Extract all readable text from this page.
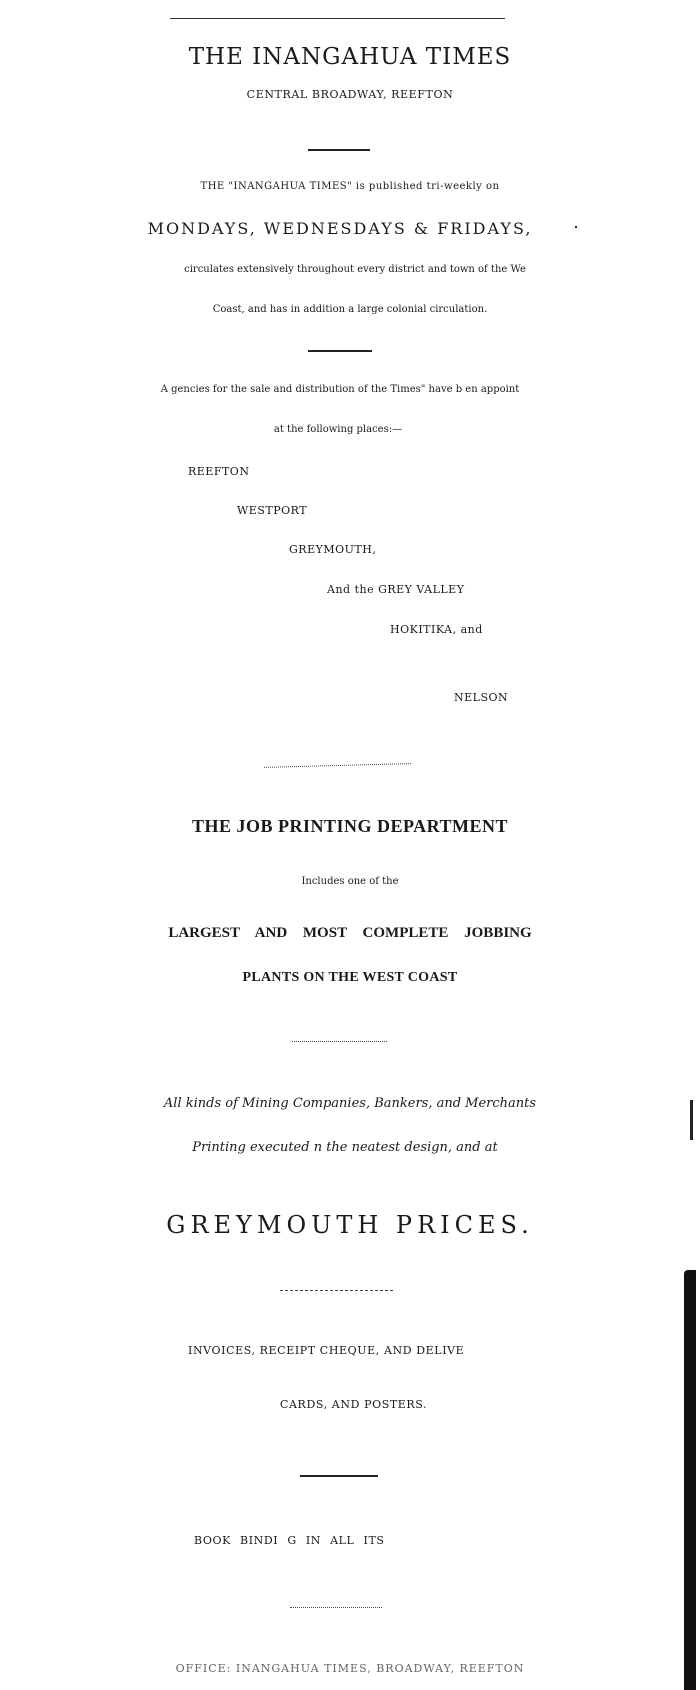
THE INANGAHUA TIMES
CENTRAL BROADWAY, REEFTON
THE "INANGAHUA TIMES" is published tri-weekly on
MONDAYS, WEDNESDAYS & FRIDAYS,
circulates extensively throughout every district and town of the We
Coast, and has in addition a large colonial circulation.
A gencies for the sale and distribution of the Times" have b en appoint
at the following places:—
REEFTON
WESTPORT
GREYMOUTH,
And the GREY VALLEY
HOKITIKA, and
NELSON
THE JOB PRINTING DEPARTMENT
Includes one of the
LARGEST AND MOST COMPLETE JOBBING
PLANTS ON THE WEST COAST
All kinds of Mining Companies, Bankers, and Merchants
Printing executed n the neatest design, and at
GREYMOUTH PRICES.
INVOICES, RECEIPT CHEQUE, AND DELIVE
CARDS, AND POSTERS.
BOOK BINDI G IN ALL ITS
OFFICE: INANGAHUA TIMES, BROADWAY, REEFTON
